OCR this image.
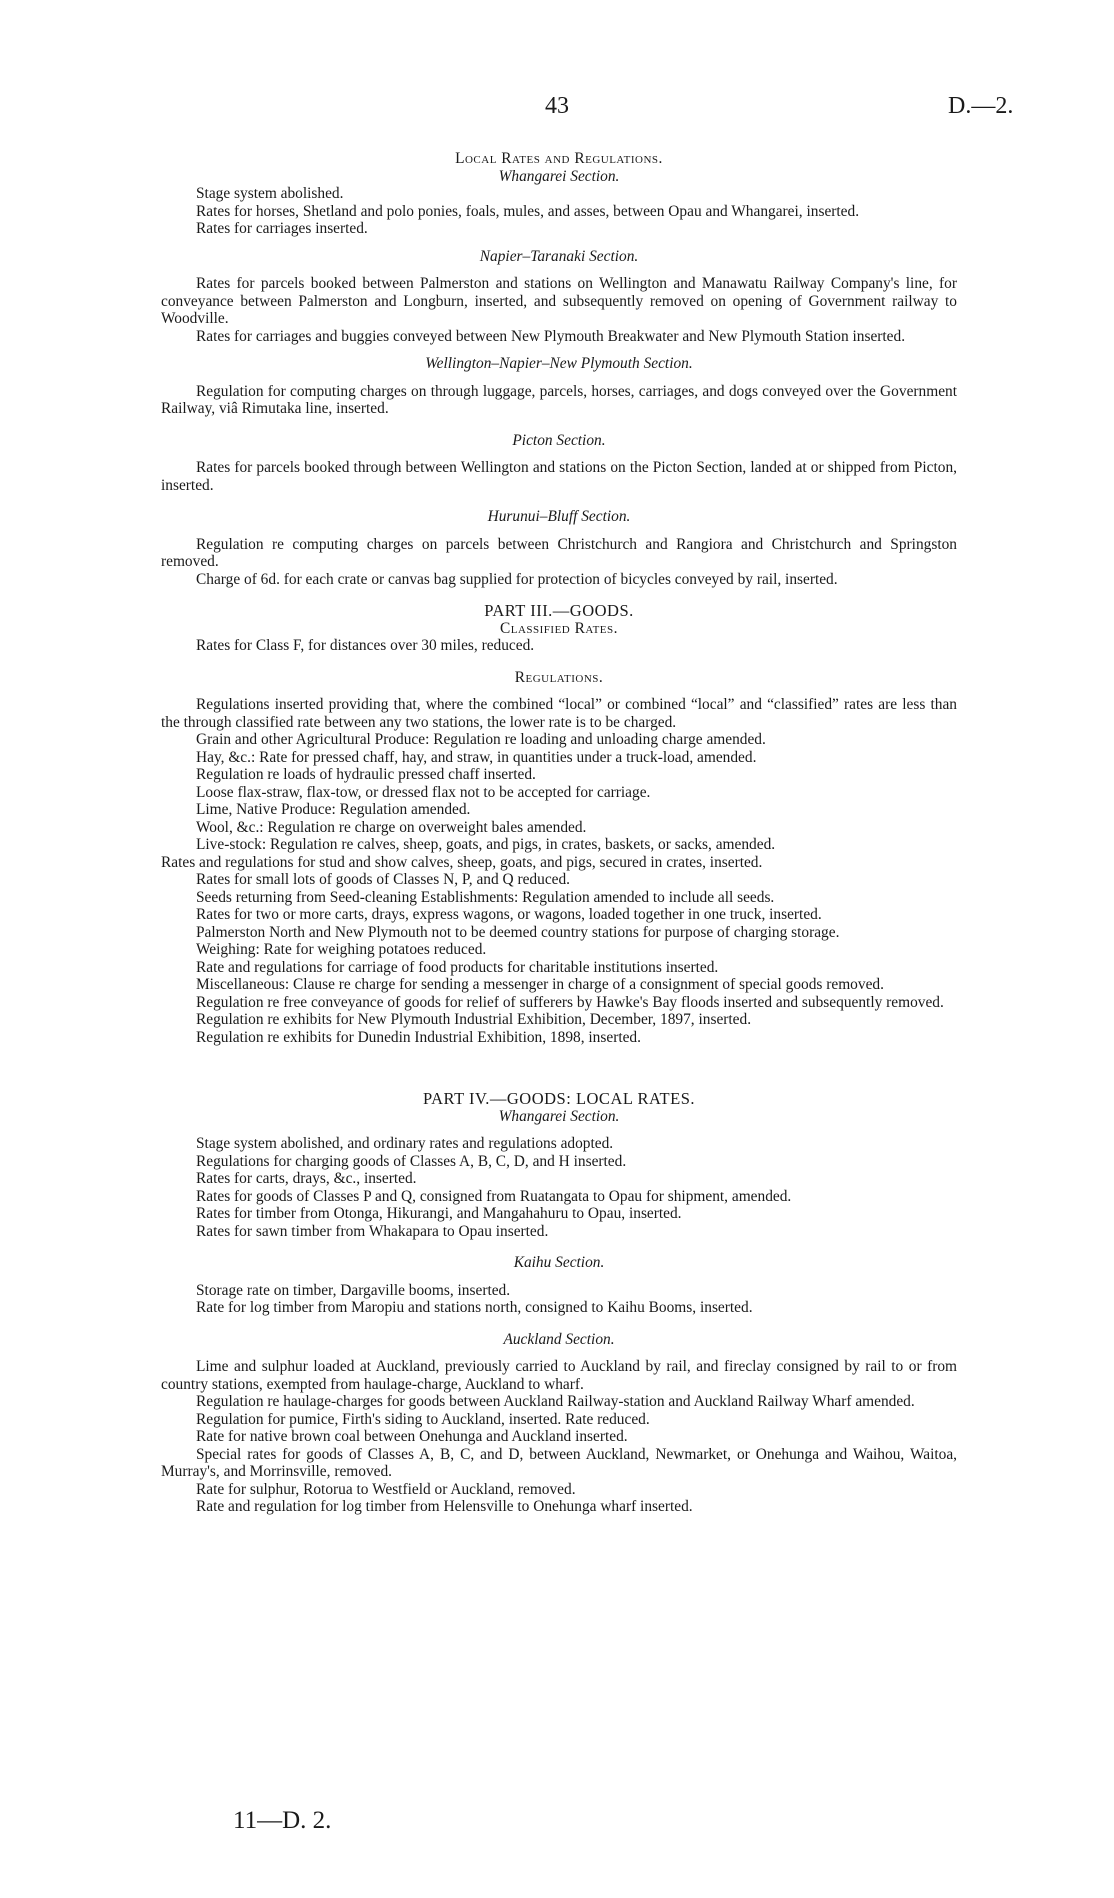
43	D.—2.
Local Rates and Regulations.
Whangarei Section.

Stage system abolished.

Rates for horses, Shetland and polo ponies, foals, mules, and asses, between Opau and Whangarei, inserted.

Rates for carriages inserted.

Napier–Taranaki Section.

Rates for parcels booked between Palmerston and stations on Wellington and Manawatu Railway Company's line, for conveyance between Palmerston and Longburn, inserted, and subsequently removed on opening of Government railway to Woodville.

Rates for carriages and buggies conveyed between New Plymouth Breakwater and New Plymouth Station inserted.

Wellington–Napier–New Plymouth Section.

Regulation for computing charges on through luggage, parcels, horses, carriages, and dogs conveyed over the Government Railway, viâ Rimutaka line, inserted.

Picton Section.

Rates for parcels booked through between Wellington and stations on the Picton Section, landed at or shipped from Picton, inserted.

Hurunui–Bluff Section.

Regulation re computing charges on parcels between Christchurch and Rangiora and Christchurch and Springston removed.

Charge of 6d. for each crate or canvas bag supplied for protection of bicycles conveyed by rail, inserted.

PART III.—GOODS.
Classified Rates.

Rates for Class F, for distances over 30 miles, reduced.

Regulations.

Regulations inserted providing that, where the combined “local” or combined “local” and “classified” rates are less than the through classified rate between any two stations, the lower rate is to be charged.

Grain and other Agricultural Produce: Regulation re loading and unloading charge amended.

Hay, &c.: Rate for pressed chaff, hay, and straw, in quantities under a truck-load, amended.

Regulation re loads of hydraulic pressed chaff inserted.

Loose flax-straw, flax-tow, or dressed flax not to be accepted for carriage.

Lime, Native Produce: Regulation amended.

Wool, &c.: Regulation re charge on overweight bales amended.

Live-stock: Regulation re calves, sheep, goats, and pigs, in crates, baskets, or sacks, amended.

Rates and regulations for stud and show calves, sheep, goats, and pigs, secured in crates, inserted.

Rates for small lots of goods of Classes N, P, and Q reduced.

Seeds returning from Seed-cleaning Establishments: Regulation amended to include all seeds.

Rates for two or more carts, drays, express wagons, or wagons, loaded together in one truck, inserted.

Palmerston North and New Plymouth not to be deemed country stations for purpose of charging storage.

Weighing: Rate for weighing potatoes reduced.

Rate and regulations for carriage of food products for charitable institutions inserted.

Miscellaneous: Clause re charge for sending a messenger in charge of a consignment of special goods removed.

Regulation re free conveyance of goods for relief of sufferers by Hawke's Bay floods inserted and subsequently removed.

Regulation re exhibits for New Plymouth Industrial Exhibition, December, 1897, inserted.

Regulation re exhibits for Dunedin Industrial Exhibition, 1898, inserted.

PART IV.—GOODS: LOCAL RATES.
Whangarei Section.

Stage system abolished, and ordinary rates and regulations adopted.

Regulations for charging goods of Classes A, B, C, D, and H inserted.

Rates for carts, drays, &c., inserted.

Rates for goods of Classes P and Q, consigned from Ruatangata to Opau for shipment, amended.

Rates for timber from Otonga, Hikurangi, and Mangahahuru to Opau, inserted.

Rates for sawn timber from Whakapara to Opau inserted.

Kaihu Section.

Storage rate on timber, Dargaville booms, inserted.

Rate for log timber from Maropiu and stations north, consigned to Kaihu Booms, inserted.

Auckland Section.

Lime and sulphur loaded at Auckland, previously carried to Auckland by rail, and fireclay consigned by rail to or from country stations, exempted from haulage-charge, Auckland to wharf.

Regulation re haulage-charges for goods between Auckland Railway-station and Auckland Railway Wharf amended.

Regulation for pumice, Firth's siding to Auckland, inserted. Rate reduced.

Rate for native brown coal between Onehunga and Auckland inserted.

Special rates for goods of Classes A, B, C, and D, between Auckland, Newmarket, or Onehunga and Waihou, Waitoa, Murray's, and Morrinsville, removed.

Rate for sulphur, Rotorua to Westfield or Auckland, removed.

Rate and regulation for log timber from Helensville to Onehunga wharf inserted.

11—D. 2.
